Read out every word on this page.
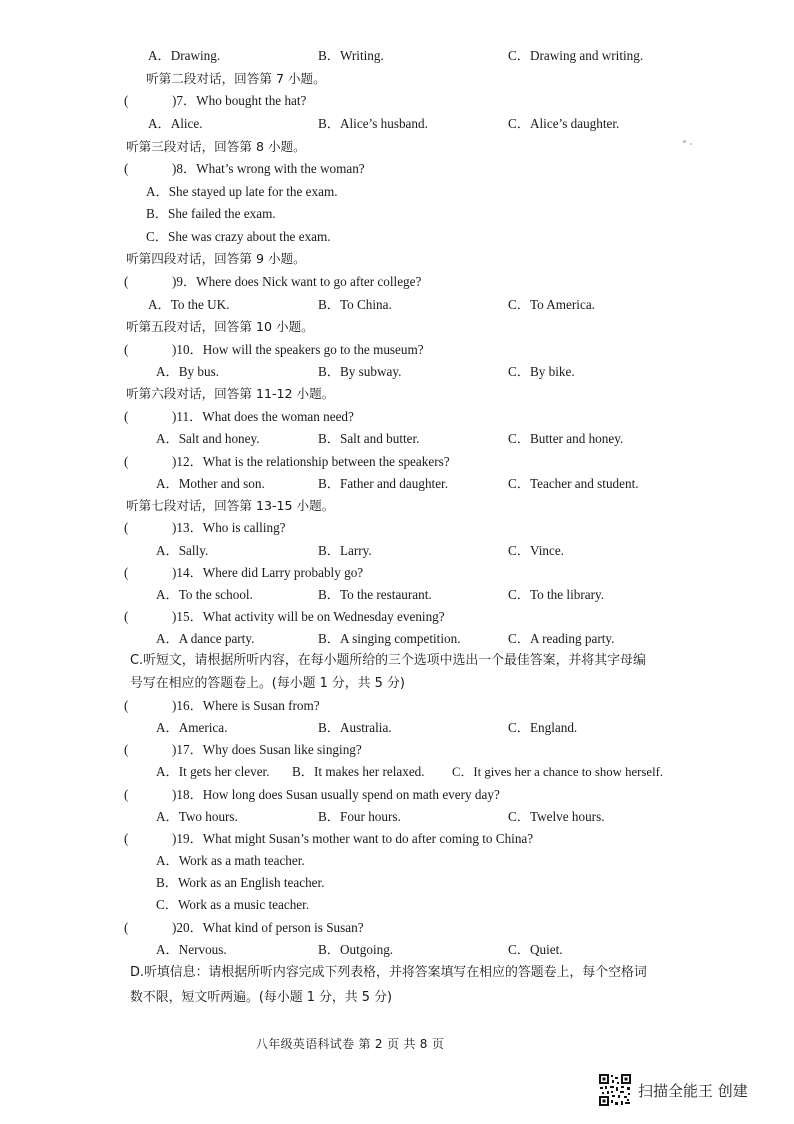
A．Drawing.	B．Writing.	C．Drawing and writing.
听第二段对话，回答第 7 小题。
(	)7．Who bought the hat?
A．Alice.	B．Alice’s husband.	C．Alice’s daughter.
听第三段对话，回答第 8 小题。
(	)8．What’s wrong with the woman?
A．She stayed up late for the exam.
B．She failed the exam.
C．She was crazy about the exam.
听第四段对话，回答第 9 小题。
(	)9．Where does Nick want to go after college?
A．To the UK.	B．To China.	C．To America.
听第五段对话，回答第 10 小题。
(	)10．How will the speakers go to the museum?
A．By bus.	B．By subway.	C．By bike.
听第六段对话，回答第 11-12 小题。
(	)11．What does the woman need?
A．Salt and honey.	B．Salt and butter.	C．Butter and honey.
(	)12．What is the relationship between the speakers?
A．Mother and son.	B．Father and daughter.	C．Teacher and student.
听第七段对话，回答第 13-15 小题。
(	)13．Who is calling?
A．Sally.	B．Larry.	C．Vince.
(	)14．Where did Larry probably go?
A．To the school.	B．To the restaurant.	C．To the library.
(	)15．What activity will be on Wednesday evening?
A．A dance party.	B．A singing competition.	C．A reading party.
C.听短文，请根据所听内容，在每小题所给的三个选项中选出一个最佳答案，并将其字母编
号写在相应的答题卷上。(每小题 1 分，共 5 分)
(	)16．Where is Susan from?
A．America.	B．Australia.	C．England.
(	)17．Why does Susan like singing?
A．It gets her clever. B．It makes her relaxed. C．It gives her a chance to show herself.
(	)18．How long does Susan usually spend on math every day?
A．Two hours.	B．Four hours.	C．Twelve hours.
(	)19．What might Susan’s mother want to do after coming to China?
A．Work as a math teacher.
B．Work as an English teacher.
C．Work as a music teacher.
(	)20．What kind of person is Susan?
A．Nervous.	B．Outgoing.	C．Quiet.
D.听填信息：请根据所听内容完成下列表格，并将答案填写在相应的答题卷上，每个空格词
数不限，短文听两遍。(每小题 1 分，共 5 分)
八年级英语科试卷 第 2 页 共 8 页
扫描全能王 创建
